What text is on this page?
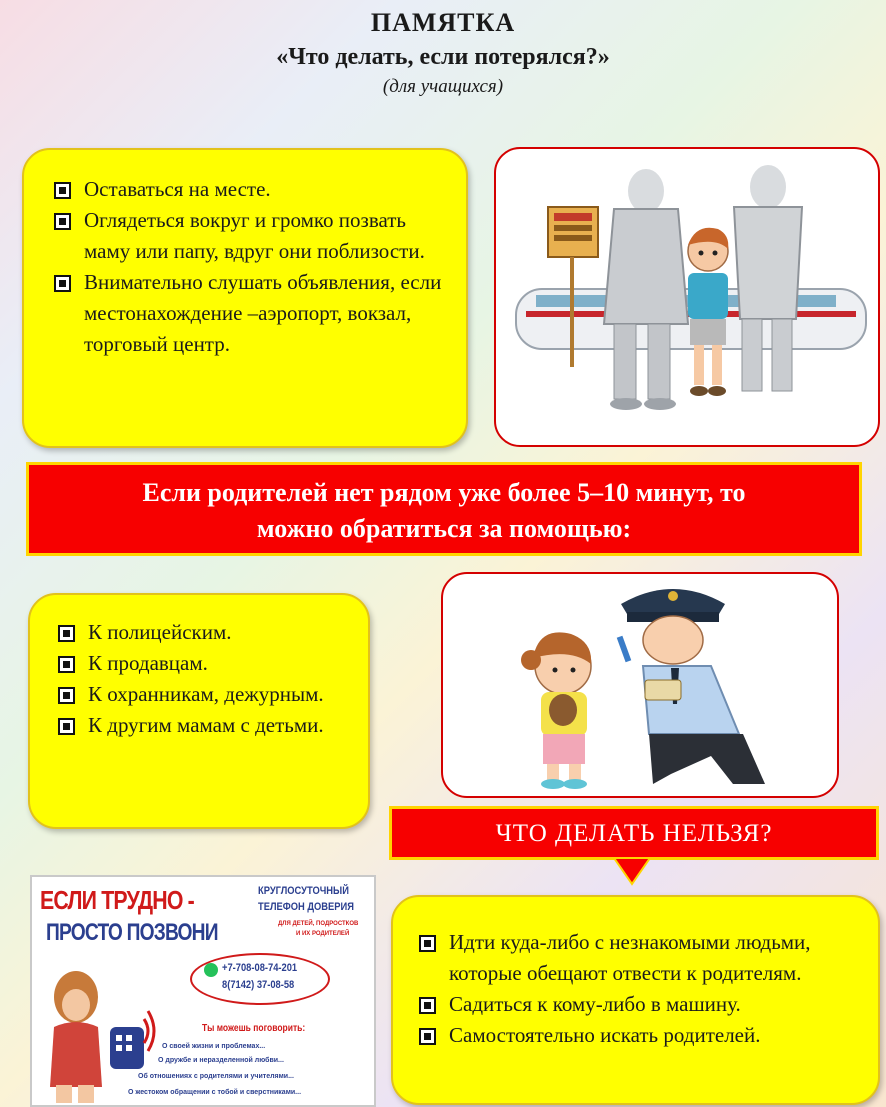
ПАМЯТКА
«Что делать, если потерялся?»
(для учащихся)
Оставаться на месте.
Оглядеться вокруг и громко позвать маму или папу, вдруг они поблизости.
Внимательно слушать объявления, если местонахождение –аэропорт, вокзал, торговый центр.
Если родителей нет рядом уже более 5–10 минут, то
можно обратиться за помощью:
К полицейским.
К продавцам.
К охранникам, дежурным.
К другим мамам с детьми.
ЧТО ДЕЛАТЬ НЕЛЬЗЯ?
Идти куда-либо с незнакомыми людьми, которые обещают отвести к родителям.
Садиться к кому-либо в машину.
Самостоятельно искать родителей.
ЕСЛИ ТРУДНО -
ПРОСТО ПОЗВОНИ
КРУГЛОСУТОЧНЫЙ
ТЕЛЕФОН ДОВЕРИЯ
ДЛЯ ДЕТЕЙ, ПОДРОСТКОВ
И ИХ РОДИТЕЛЕЙ
+7-708-08-74-201
8(7142) 37-08-58
Ты можешь поговорить:
О своей жизни и проблемах...
О дружбе и неразделенной любви...
Об отношениях с родителями и учителями...
О жестоком обращении с тобой и сверстниками...
